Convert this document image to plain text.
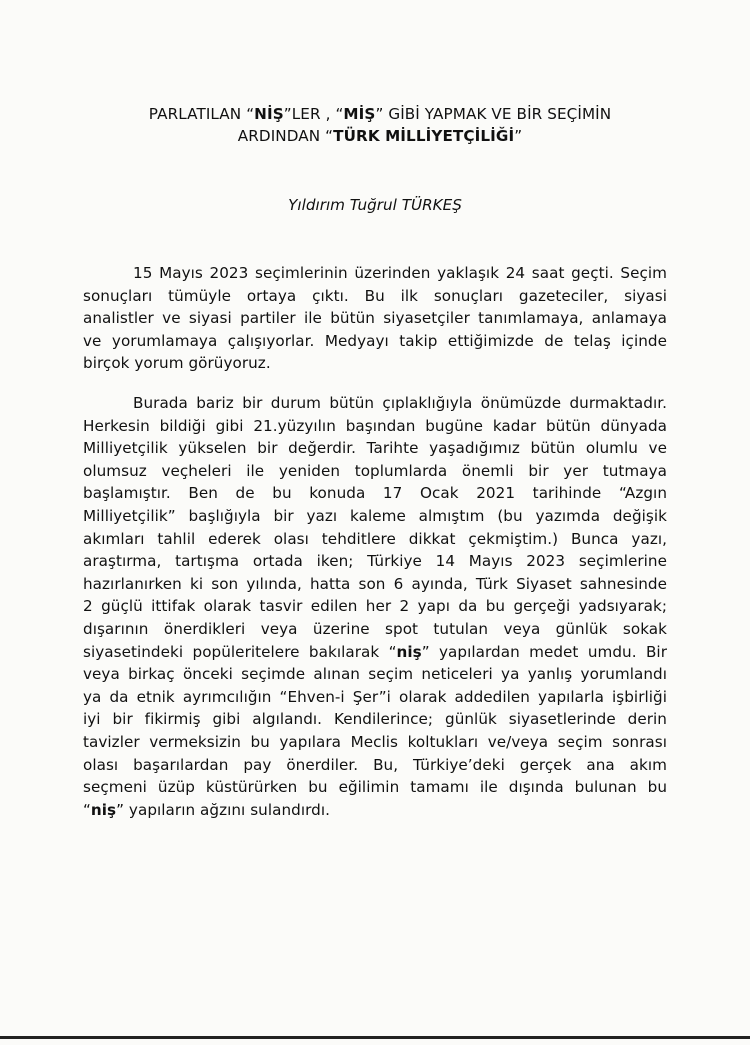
PARLATILAN “NİŞ”LER , “MİŞ” GİBİ YAPMAK VE BİR SEÇİMİN
ARDINDAN “TÜRK MİLLİYETÇİLİĞİ”
Yıldırım Tuğrul TÜRKEŞ
15 Mayıs 2023 seçimlerinin üzerinden yaklaşık 24 saat geçti. Seçim
sonuçları tümüyle ortaya çıktı. Bu ilk sonuçları gazeteciler, siyasi
analistler ve siyasi partiler ile bütün siyasetçiler tanımlamaya, anlamaya
ve yorumlamaya çalışıyorlar. Medyayı takip ettiğimizde de telaş içinde
birçok yorum görüyoruz.
Burada bariz bir durum bütün çıplaklığıyla önümüzde durmaktadır.
Herkesin bildiği gibi 21.yüzyılın başından bugüne kadar bütün dünyada
Milliyetçilik yükselen bir değerdir. Tarihte yaşadığımız bütün olumlu ve
olumsuz veçheleri ile yeniden toplumlarda önemli bir yer tutmaya
başlamıştır. Ben de bu konuda 17 Ocak 2021 tarihinde “Azgın
Milliyetçilik” başlığıyla bir yazı kaleme almıştım (bu yazımda değişik
akımları tahlil ederek olası tehditlere dikkat çekmiştim.) Bunca yazı,
araştırma, tartışma ortada iken; Türkiye 14 Mayıs 2023 seçimlerine
hazırlanırken ki son yılında, hatta son 6 ayında, Türk Siyaset sahnesinde
2 güçlü ittifak olarak tasvir edilen her 2 yapı da bu gerçeği yadsıyarak;
dışarının önerdikleri veya üzerine spot tutulan veya günlük sokak
siyasetindeki popüleritelere bakılarak “niş” yapılardan medet umdu. Bir
veya birkaç önceki seçimde alınan seçim neticeleri ya yanlış yorumlandı
ya da etnik ayrımcılığın “Ehven-i Şer”i olarak addedilen yapılarla işbirliği
iyi bir fikirmiş gibi algılandı. Kendilerince; günlük siyasetlerinde derin
tavizler vermeksizin bu yapılara Meclis koltukları ve/veya seçim sonrası
olası başarılardan pay önerdiler. Bu, Türkiye’deki gerçek ana akım
seçmeni üzüp küstürürken bu eğilimin tamamı ile dışında bulunan bu
“niş” yapıların ağzını sulandırdı.
